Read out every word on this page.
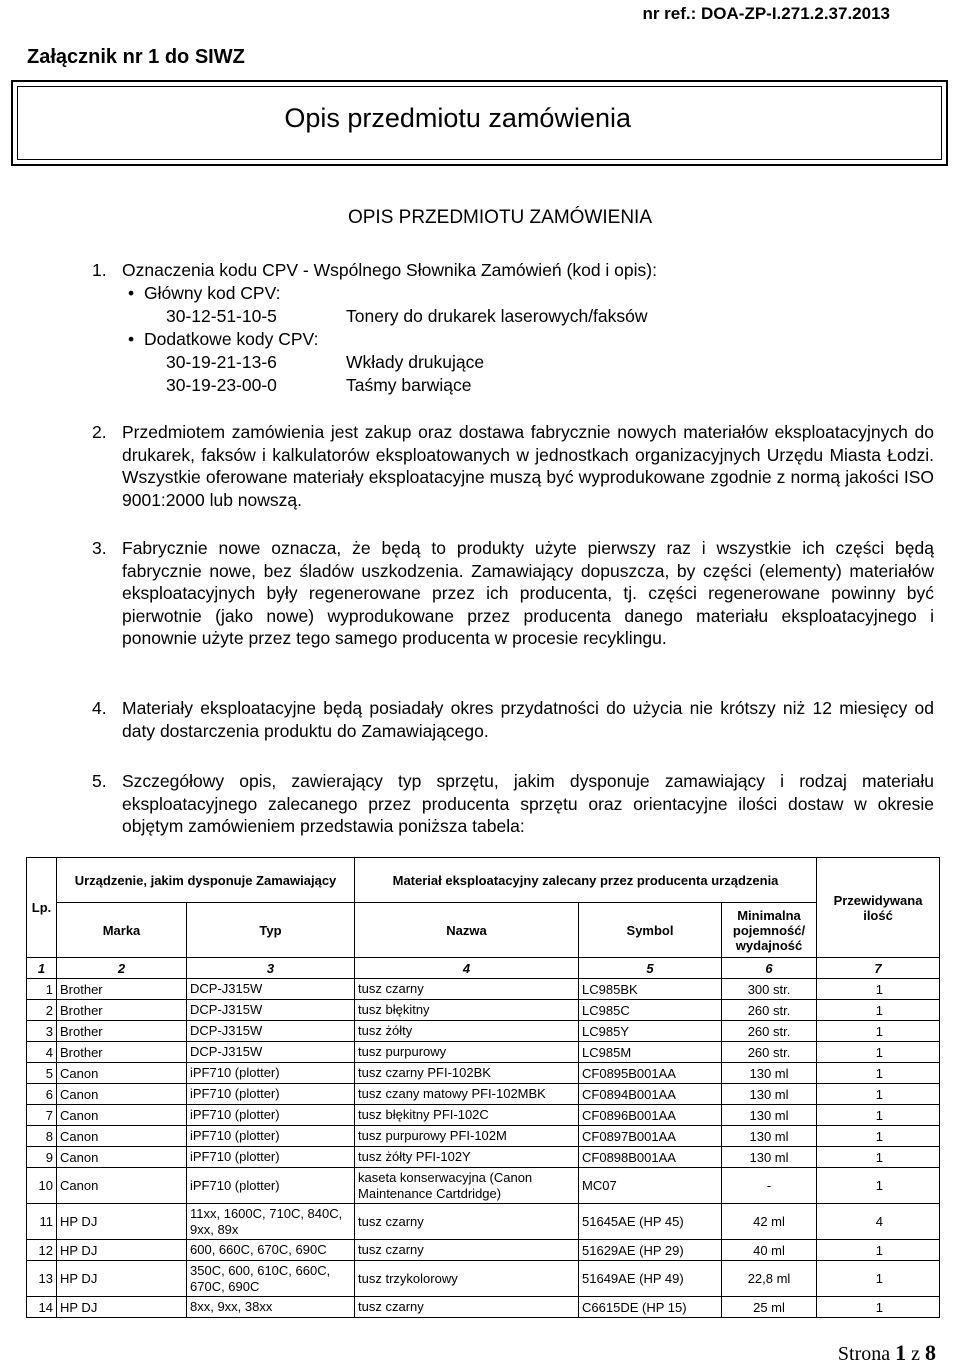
nr ref.: DOA-ZP-I.271.2.37.2013
Załącznik nr 1 do SIWZ
Opis przedmiotu zamówienia
OPIS PRZEDMIOTU ZAMÓWIENIA
1. Oznaczenia kodu CPV - Wspólnego Słownika Zamówień (kod i opis):
• Główny kod CPV:
30-12-51-10-5	Tonery do drukarek laserowych/faksów
• Dodatkowe kody CPV:
30-19-21-13-6	Wkłady drukujące
30-19-23-00-0	Taśmy barwiące
2. Przedmiotem zamówienia jest zakup oraz dostawa fabrycznie nowych materiałów eksploatacyjnych do drukarek, faksów i kalkulatorów eksploatowanych w jednostkach organizacyjnych Urzędu Miasta Łodzi. Wszystkie oferowane materiały eksploatacyjne muszą być wyprodukowane zgodnie z normą jakości ISO 9001:2000 lub nowszą.
3. Fabrycznie nowe oznacza, że będą to produkty użyte pierwszy raz i wszystkie ich części będą fabrycznie nowe, bez śladów uszkodzenia. Zamawiający dopuszcza, by części (elementy) materiałów eksploatacyjnych były regenerowane przez ich producenta, tj. części regenerowane powinny być pierwotnie (jako nowe) wyprodukowane przez producenta danego materiału eksploatacyjnego i ponownie użyte przez tego samego producenta w procesie recyklingu.
4. Materiały eksploatacyjne będą posiadały okres przydatności do użycia nie krótszy niż 12 miesięcy od daty dostarczenia produktu do Zamawiającego.
5. Szczegółowy opis, zawierający typ sprzętu, jakim dysponuje zamawiający i rodzaj materiału eksploatacyjnego zalecanego przez producenta sprzętu oraz orientacyjne ilości dostaw w okresie objętym zamówieniem przedstawia poniższa tabela:
Lp.	Urządzenie, jakim dysponuje Zamawiający		Materiał eksploatacyjny zalecany przez producenta urządzenia			Przewidywana ilość
	Marka	Typ	Nazwa	Symbol	Minimalna pojemność/ wydajność	
1	2	3	4	5	6	7
1	Brother	DCP-J315W	tusz czarny	LC985BK	300 str.	1
2	Brother	DCP-J315W	tusz błękitny	LC985C	260 str.	1
3	Brother	DCP-J315W	tusz żółty	LC985Y	260 str.	1
4	Brother	DCP-J315W	tusz purpurowy	LC985M	260 str.	1
5	Canon	iPF710 (plotter)	tusz czarny PFI-102BK	CF0895B001AA	130 ml	1
6	Canon	iPF710 (plotter)	tusz czany matowy PFI-102MBK	CF0894B001AA	130 ml	1
7	Canon	iPF710 (plotter)	tusz błękitny PFI-102C	CF0896B001AA	130 ml	1
8	Canon	iPF710 (plotter)	tusz purpurowy PFI-102M	CF0897B001AA	130 ml	1
9	Canon	iPF710 (plotter)	tusz żółty PFI-102Y	CF0898B001AA	130 ml	1
10	Canon	iPF710 (plotter)	kaseta konserwacyjna (Canon Maintenance Cartdridge)	MC07	-	1
11	HP DJ	11xx, 1600C, 710C, 840C, 9xx, 89x	tusz czarny	51645AE (HP 45)	42 ml	4
12	HP DJ	600, 660C, 670C, 690C	tusz czarny	51629AE (HP 29)	40 ml	1
13	HP DJ	350C, 600, 610C, 660C, 670C, 690C	tusz trzykolorowy	51649AE (HP 49)	22,8 ml	1
14	HP DJ	8xx, 9xx, 38xx	tusz czarny	C6615DE (HP 15)	25 ml	1
Strona 1 z 8
